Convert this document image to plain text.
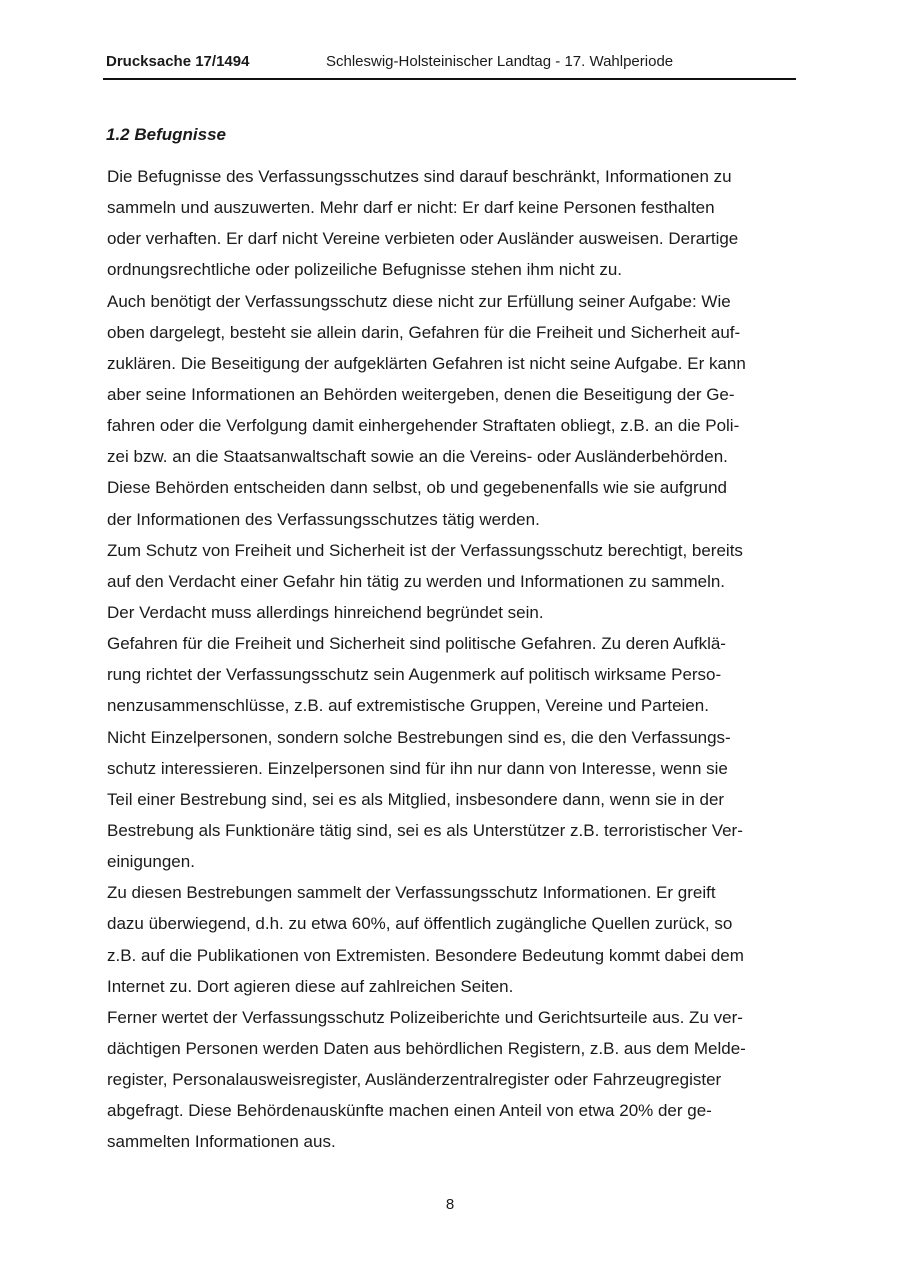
Drucksache 17/1494	Schleswig-Holsteinischer Landtag - 17. Wahlperiode
1.2 Befugnisse
Die Befugnisse des Verfassungsschutzes sind darauf beschränkt, Informationen zu
sammeln und auszuwerten. Mehr darf er nicht: Er darf keine Personen festhalten
oder verhaften. Er darf nicht Vereine verbieten oder Ausländer ausweisen. Derartige
ordnungsrechtliche oder polizeiliche Befugnisse stehen ihm nicht zu.
Auch benötigt der Verfassungsschutz diese nicht zur Erfüllung seiner Aufgabe: Wie
oben dargelegt, besteht sie allein darin, Gefahren für die Freiheit und Sicherheit auf-
zuklären. Die Beseitigung der aufgeklärten Gefahren ist nicht seine Aufgabe. Er kann
aber seine Informationen an Behörden weitergeben, denen die Beseitigung der Ge-
fahren oder die Verfolgung damit einhergehender Straftaten obliegt, z.B. an die Poli-
zei bzw. an die Staatsanwaltschaft sowie an die Vereins- oder Ausländerbehörden.
Diese Behörden entscheiden dann selbst, ob und gegebenenfalls wie sie aufgrund
der Informationen des Verfassungsschutzes tätig werden.
Zum Schutz von Freiheit und Sicherheit ist der Verfassungsschutz berechtigt, bereits
auf den Verdacht einer Gefahr hin tätig zu werden und Informationen zu sammeln.
Der Verdacht muss allerdings hinreichend begründet sein.
Gefahren für die Freiheit und Sicherheit sind politische Gefahren. Zu deren Aufklä-
rung richtet der Verfassungsschutz sein Augenmerk auf politisch wirksame Perso-
nenzusammenschlüsse, z.B. auf extremistische Gruppen, Vereine und Parteien.
Nicht Einzelpersonen, sondern solche Bestrebungen sind es, die den Verfassungs-
schutz interessieren. Einzelpersonen sind für ihn nur dann von Interesse, wenn sie
Teil einer Bestrebung sind, sei es als Mitglied, insbesondere dann, wenn sie in der
Bestrebung als Funktionäre tätig sind, sei es als Unterstützer z.B. terroristischer Ver-
einigungen.
Zu diesen Bestrebungen sammelt der Verfassungsschutz Informationen. Er greift
dazu überwiegend, d.h. zu etwa 60%, auf öffentlich zugängliche Quellen zurück, so
z.B. auf die Publikationen von Extremisten. Besondere Bedeutung kommt dabei dem
Internet zu. Dort agieren diese auf zahlreichen Seiten.
Ferner wertet der Verfassungsschutz Polizeiberichte und Gerichtsurteile aus. Zu ver-
dächtigen Personen werden Daten aus behördlichen Registern, z.B. aus dem Melde-
register, Personalausweisregister, Ausländerzentralregister oder Fahrzeugregister
abgefragt. Diese Behördenauskünfte machen einen Anteil von etwa 20% der ge-
sammelten Informationen aus.
8
